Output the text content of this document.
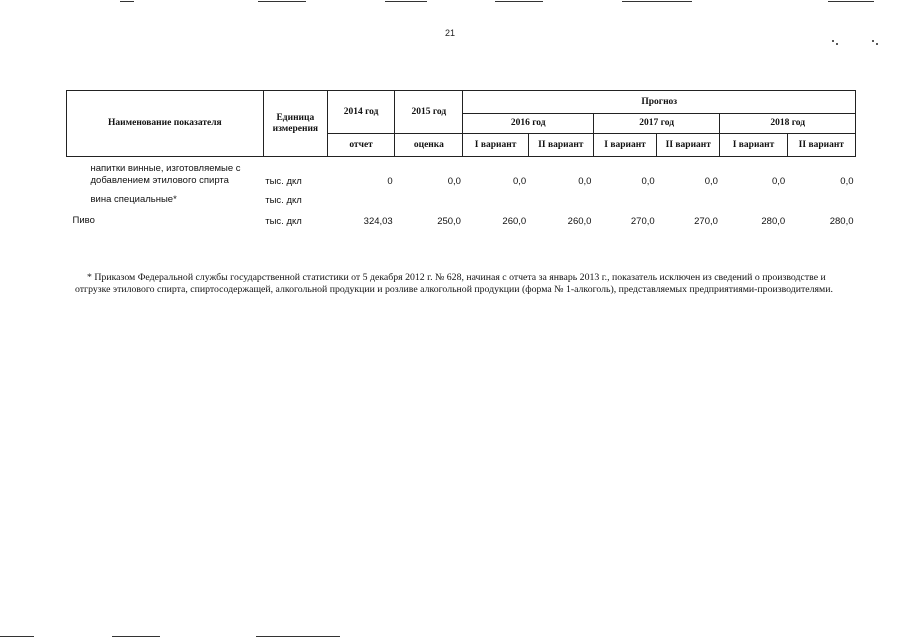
21
Наименование показателя	Единица измерения	2014 год	2015 год	Прогноз					
				2016 год		2017 год		2018 год	
		отчет	оценка	I вариант	II вариант	I вариант	II вариант	I вариант	II вариант
напитки винные, изготовляемые с добавлением этилового спирта	тыс. дкл	0	0,0	0,0	0,0	0,0	0,0	0,0	0,0
вина специальные*	тыс. дкл								
Пиво	тыс. дкл	324,03	250,0	260,0	260,0	270,0	270,0	280,0	280,0

* Приказом Федеральной службы государственной статистики от 5 декабря 2012 г. № 628, начиная с отчета за январь 2013 г., показатель исключен из сведений о производстве и отгрузке этилового спирта, спиртосодержащей, алкогольной продукции и розливе алкогольной продукции (форма № 1-алкоголь), представляемых предприятиями-производителями.
